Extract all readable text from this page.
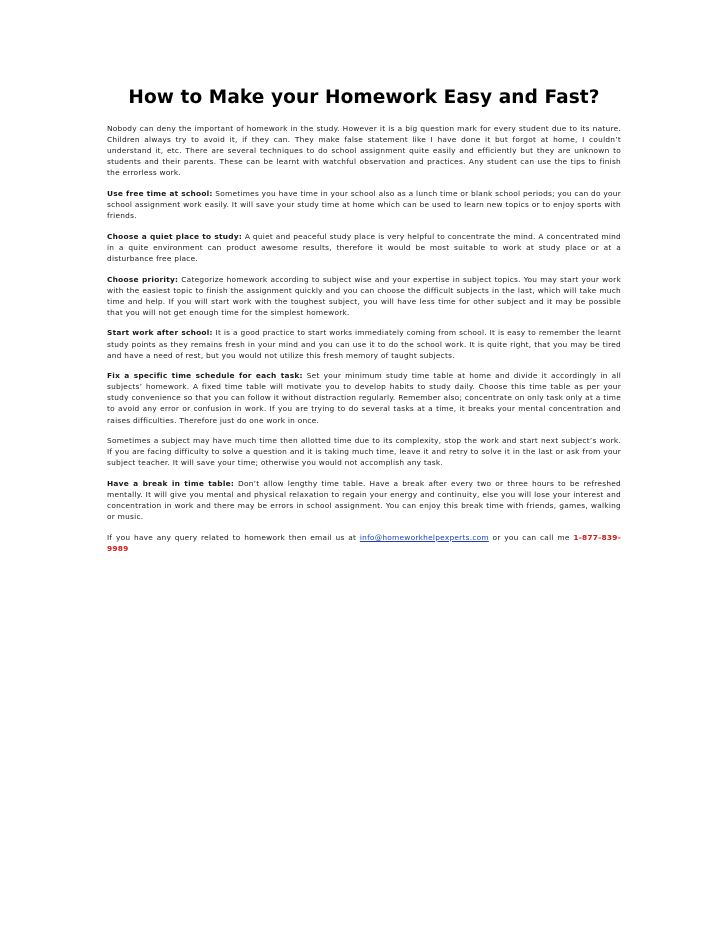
How to Make your Homework Easy and Fast?

Nobody can deny the important of homework in the study. However it is a big question mark for every student due to its nature. Children always try to avoid it, if they can. They make false statement like I have done it but forgot at home, I couldn’t understand it, etc. There are several techniques to do school assignment quite easily and efficiently but they are unknown to students and their parents. These can be learnt with watchful observation and practices. Any student can use the tips to finish the errorless work.

Use free time at school: Sometimes you have time in your school also as a lunch time or blank school periods; you can do your school assignment work easily. It will save your study time at home which can be used to learn new topics or to enjoy sports with friends.

Choose a quiet place to study: A quiet and peaceful study place is very helpful to concentrate the mind. A concentrated mind in a quite environment can product awesome results, therefore it would be most suitable to work at study place or at a disturbance free place.

Choose priority: Categorize homework according to subject wise and your expertise in subject topics. You may start your work with the easiest topic to finish the assignment quickly and you can choose the difficult subjects in the last, which will take much time and help. If you will start work with the toughest subject, you will have less time for other subject and it may be possible that you will not get enough time for the simplest homework.

Start work after school: It is a good practice to start works immediately coming from school. It is easy to remember the learnt study points as they remains fresh in your mind and you can use it to do the school work. It is quite right, that you may be tired and have a need of rest, but you would not utilize this fresh memory of taught subjects.

Fix a specific time schedule for each task: Set your minimum study time table at home and divide it accordingly in all subjects’ homework. A fixed time table will motivate you to develop habits to study daily. Choose this time table as per your study convenience so that you can follow it without distraction regularly. Remember also; concentrate on only task only at a time to avoid any error or confusion in work. If you are trying to do several tasks at a time, it breaks your mental concentration and raises difficulties. Therefore just do one work in once.

Sometimes a subject may have much time then allotted time due to its complexity, stop the work and start next subject’s work. If you are facing difficulty to solve a question and it is taking much time, leave it and retry to solve it in the last or ask from your subject teacher. It will save your time; otherwise you would not accomplish any task.

Have a break in time table: Don’t allow lengthy time table. Have a break after every two or three hours to be refreshed mentally. It will give you mental and physical relaxation to regain your energy and continuity, else you will lose your interest and concentration in work and there may be errors in school assignment. You can enjoy this break time with friends, games, walking or music.

If you have any query related to homework then email us at info@homeworkhelpexperts.com or you can call me 1-877-839-9989
